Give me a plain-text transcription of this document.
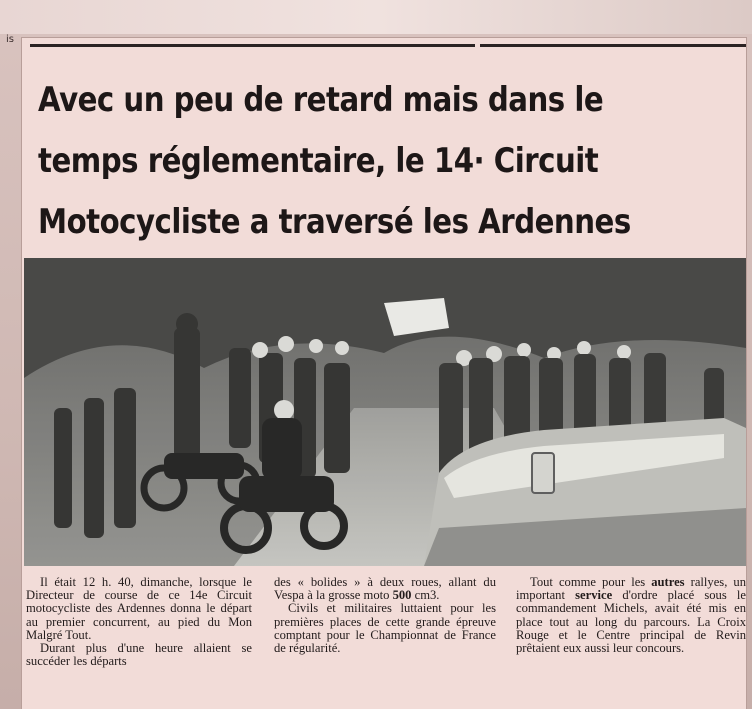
is
Avec un peu de retard mais dans le
temps réglementaire, le 14· Circuit
Motocycliste a traversé les Ardennes

Il était 12 h. 40, dimanche, lorsque le Directeur de course de ce 14e Circuit motocycliste des Ardennes donna le départ au premier concurrent, au pied du Mon Malgré Tout.

Durant plus d'une heure allaient se succéder les départs

des « bolides » à deux roues, allant du Vespa à la grosse moto 500 cm3.

Civils et militaires luttaient pour les premières places de cette grande épreuve comptant pour le Championnat de France de régularité.

Tout comme pour les autres rallyes, un important service d'ordre placé sous le commandement Michels, avait été mis en place tout au long du parcours. La Croix Rouge et le Centre principal de Revin prêtaient eux aussi leur concours.
